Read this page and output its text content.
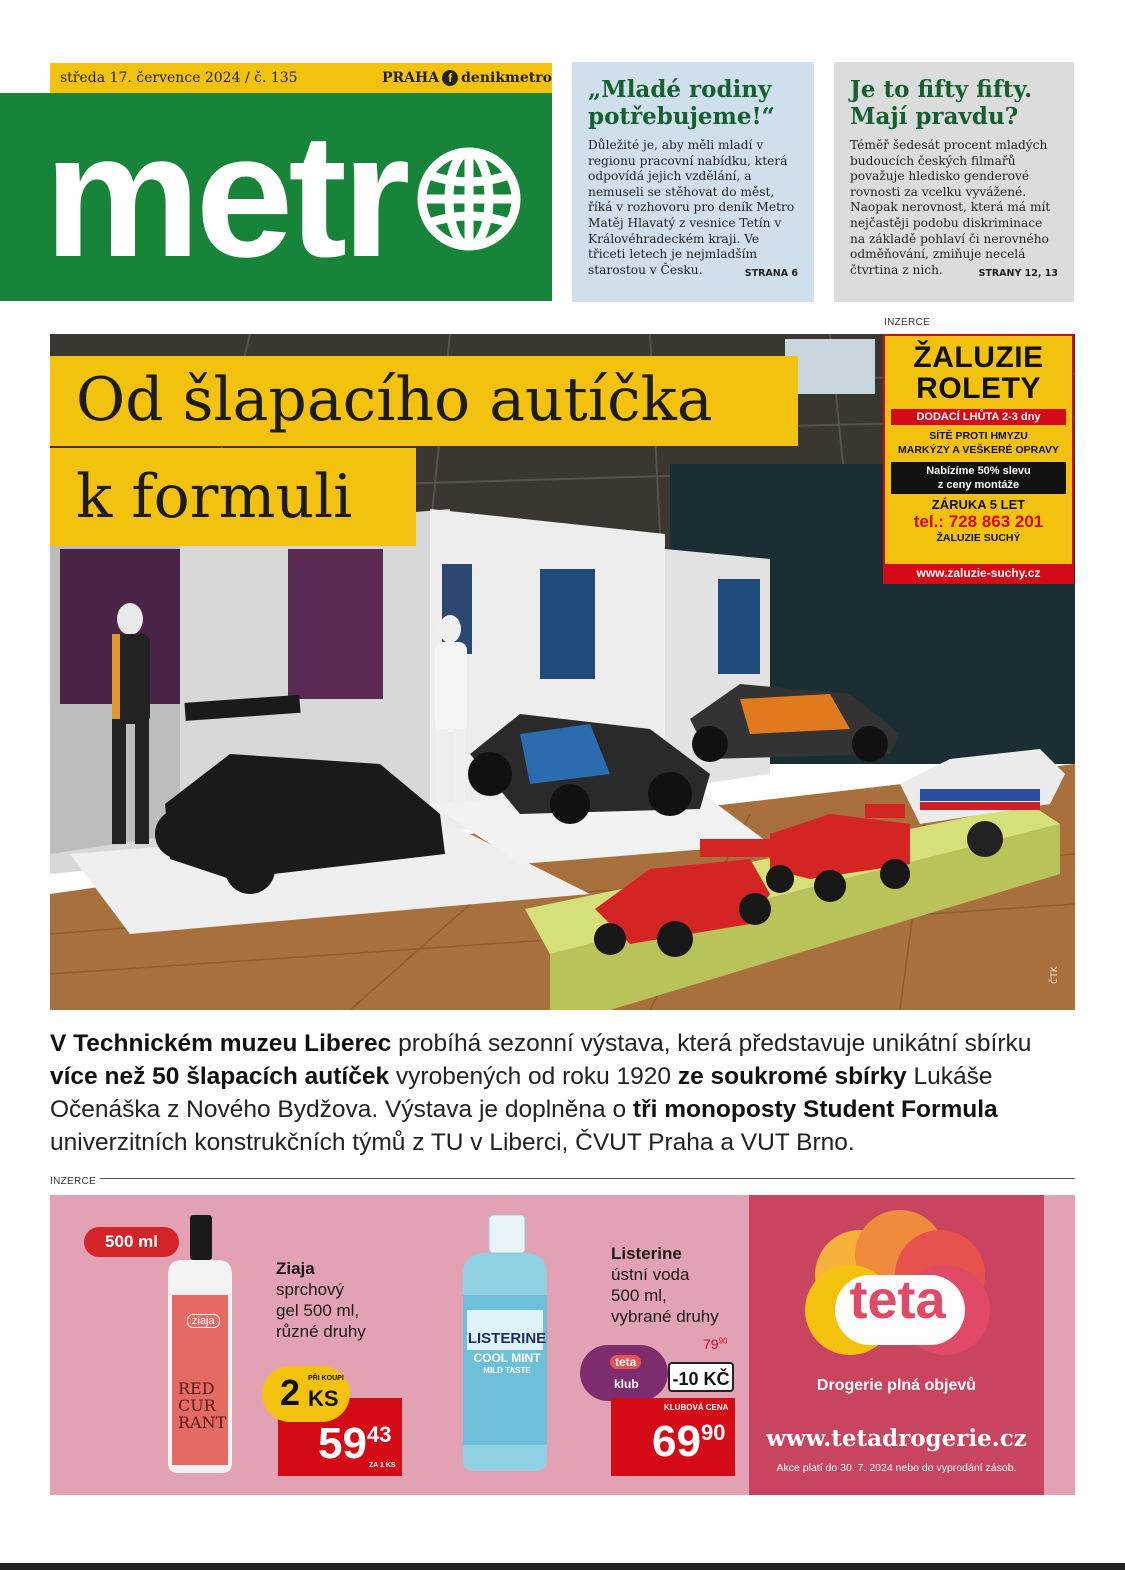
středa 17. července 2024 / č. 135	PRAHA f denikmetro
metr
„Mladé rodiny potřebujeme!“

Důležité je, aby měli mladí v regionu pracovní nabídku, která odpovídá jejich vzdělání, a nemuseli se stěhovat do měst, říká v rozhovoru pro deník Metro Matěj Hlavatý z vesnice Tetín v Královéhradeckém kraji. Ve třiceti letech je nejmladším starostou v Česku.	STRANA 6

Je to fifty fifty. Mají pravdu?

Téměř šedesát procent mladých budoucích českých filmařů považuje hledisko genderové rovnosti za vcelku vyvážené. Naopak nerovnost, která má mít nejčastěji podobu diskriminace na základě pohlaví či nerovného odměňování, zmiňuje necelá čtvrtina z nich.	STRANY 12, 13

INZERCE
Od šlapacího autíčka
k formuli
ČTK
ŽALUZIE
ROLETY
DODACÍ LHŮTA 2-3 dny
SÍTĚ PROTI HMYZU
MARKÝZY A VEŠKERÉ OPRAVY
Nabízíme 50% slevu
z ceny montáže
ZÁRUKA 5 LET
tel.: 728 863 201
ŽALUZIE SUCHÝ
www.zaluzie-suchy.cz
V Technickém muzeu Liberec probíhá sezonní výstava, která představuje unikátní sbírku více než 50 šlapacích autíček vyrobených od roku 1920 ze soukromé sbírky Lukáše Očenáška z Nového Bydžova. Výstava je doplněna o tři monoposty Student Formula univerzitních konstrukčních týmů z TU v Liberci, ČVUT Praha a VUT Brno.
INZERCE
500 ml
ziaja
RED CUR RANT
Ziaja
sprchový
gel 500 ml,
různé druhy
2 PŘI KOUPI
KS
5943
ZA 1 KS
LISTERINE
COOL MINT
MILD TASTE
Listerine
ústní voda
500 ml,
vybrané druhy
$79^{90}$
teta
klub -10 KČ
KLUBOVÁ CENA
6990
teta
Drogerie plná objevů
www.tetadrogerie.cz
Akce platí do 30. 7. 2024 nebo do vyprodání zásob.
